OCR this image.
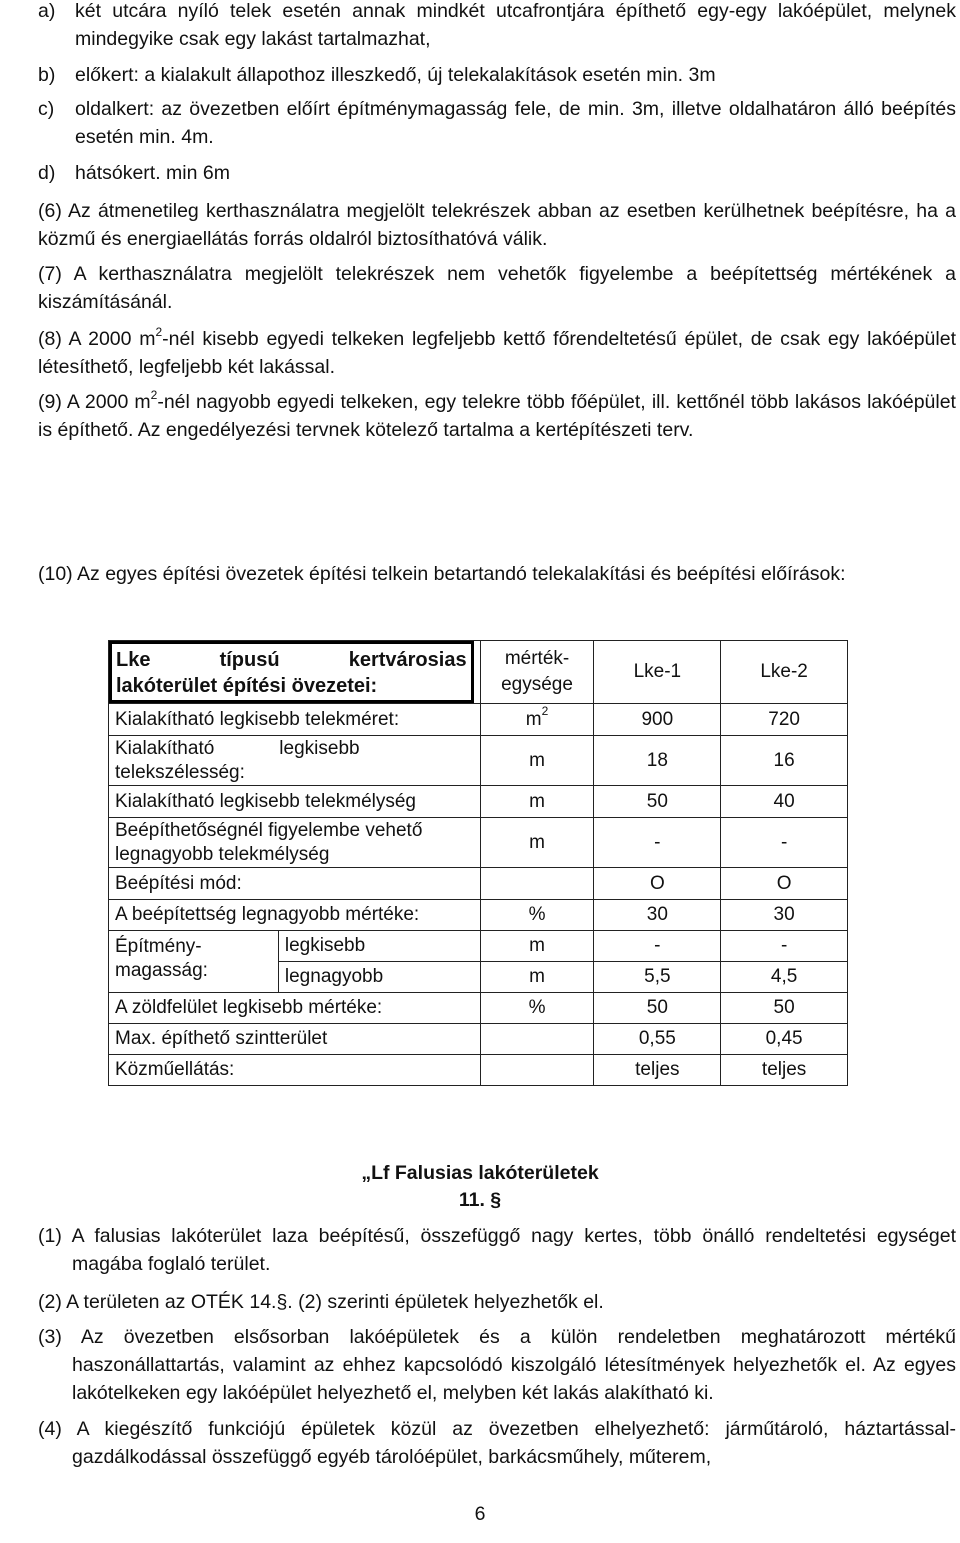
a) két utcára nyíló telek esetén annak mindkét utcafrontjára építhető egy-egy lakóépület, melynek mindegyike csak egy lakást tartalmazhat,
b) előkert: a kialakult állapothoz illeszkedő, új telekalakítások esetén min. 3m
c) oldalkert: az övezetben előírt építménymagasság fele, de min. 3m, illetve oldalhatáron álló beépítés esetén min. 4m.
d) hátsókert. min 6m
(6) Az átmenetileg kerthasználatra megjelölt telekrészek abban az esetben kerülhetnek beépítésre, ha a közmű és energiaellátás forrás oldalról biztosíthatóvá válik.
(7) A kerthasználatra megjelölt telekrészek nem vehetők figyelembe a beépítettség mértékének a kiszámításánál.
(8) A 2000 $m^2$-nél kisebb egyedi telkeken legfeljebb kettő főrendeltetésű épület, de csak egy lakóépület létesíthető, legfeljebb két lakással.
(9) A 2000 $m^2$-nél nagyobb egyedi telkeken, egy telekre több főépület, ill. kettőnél több lakásos lakóépület is építhető. Az engedélyezési tervnek kötelező tartalma a kertépítészeti terv.
(10) Az egyes építési övezetek építési telkein betartandó telekalakítási és beépítési előírások:
Lke típusú kertvárosias
lakóterület építési övezetei:		mérték-egysége	Lke-1	Lke-2
Kialakítható legkisebb telekméret:		$m^2$	900	720
Kialakítható legkisebb telekszélesség:		m	18	16
Kialakítható legkisebb telekmélység		m	50	40
Beépíthetőségnél figyelembe vehető legnagyobb telekmélység		m	-	-
Beépítési mód:			O	O
A beépítettség legnagyobb mértéke:		%	30	30
Építmény-magasság:	legkisebb	m	-	-
	legnagyobb	m	5,5	4,5
A zöldfelület legkisebb mértéke:		%	50	50
Max. építhető szintterület			0,55	0,45
Közműellátás:			teljes	teljes
„Lf Falusias lakóterületek
11. §
(1) A falusias lakóterület laza beépítésű, összefüggő nagy kertes, több önálló rendeltetési egységet magába foglaló terület.
(2) A területen az OTÉK 14.§. (2) szerinti épületek helyezhetők el.
(3) Az övezetben elsősorban lakóépületek és a külön rendeletben meghatározott mértékű haszonállattartás, valamint az ehhez kapcsolódó kiszolgáló létesítmények helyezhetők el. Az egyes lakótelkeken egy lakóépület helyezhető el, melyben két lakás alakítható ki.
(4) A kiegészítő funkciójú épületek közül az övezetben elhelyezhető: járműtároló, háztartással-gazdálkodással összefüggő egyéb tárolóépület, barkácsműhely, műterem,
6
